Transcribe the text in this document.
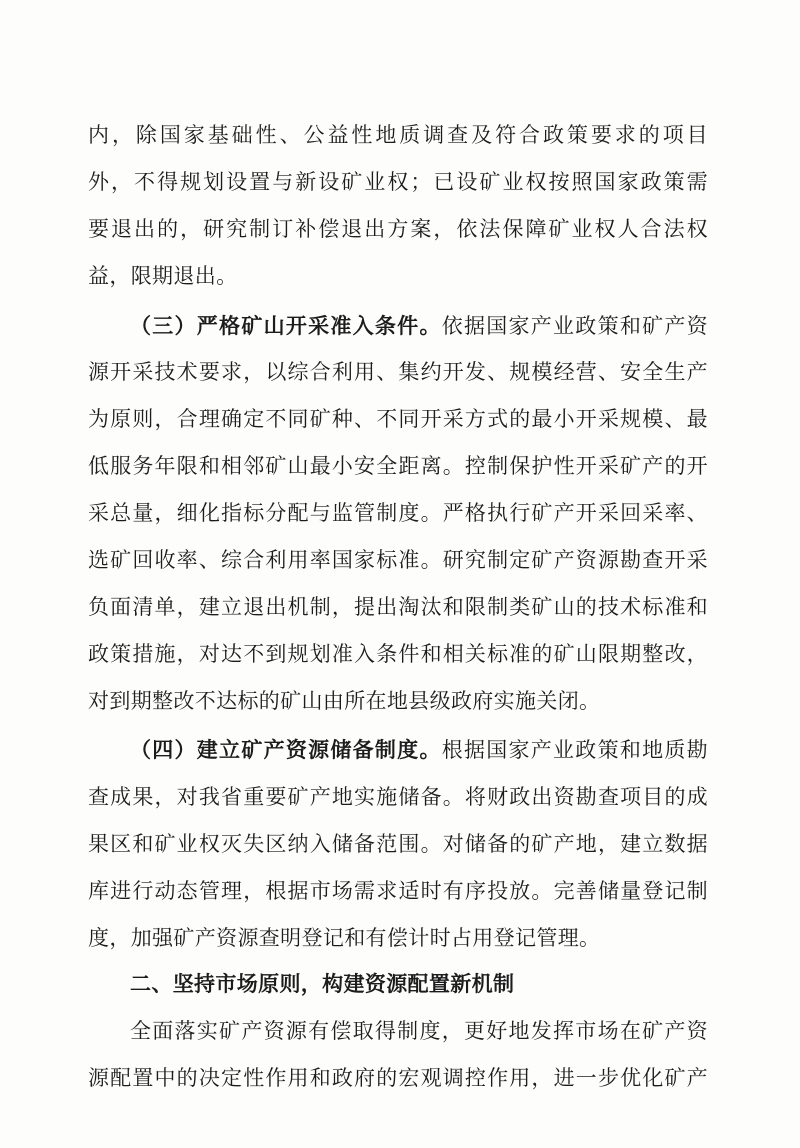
内，除国家基础性、公益性地质调查及符合政策要求的项目
外，不得规划设置与新设矿业权；已设矿业权按照国家政策需
要退出的，研究制订补偿退出方案，依法保障矿业权人合法权
益，限期退出。
（三）严格矿山开采准入条件。依据国家产业政策和矿产资
源开采技术要求，以综合利用、集约开发、规模经营、安全生产
为原则，合理确定不同矿种、不同开采方式的最小开采规模、最
低服务年限和相邻矿山最小安全距离。控制保护性开采矿产的开
采总量，细化指标分配与监管制度。严格执行矿产开采回采率、
选矿回收率、综合利用率国家标准。研究制定矿产资源勘查开采
负面清单，建立退出机制，提出淘汰和限制类矿山的技术标准和
政策措施，对达不到规划准入条件和相关标准的矿山限期整改，
对到期整改不达标的矿山由所在地县级政府实施关闭。
（四）建立矿产资源储备制度。根据国家产业政策和地质勘
查成果，对我省重要矿产地实施储备。将财政出资勘查项目的成
果区和矿业权灭失区纳入储备范围。对储备的矿产地，建立数据
库进行动态管理，根据市场需求适时有序投放。完善储量登记制
度，加强矿产资源查明登记和有偿计时占用登记管理。
二、坚持市场原则，构建资源配置新机制
全面落实矿产资源有偿取得制度，更好地发挥市场在矿产资
源配置中的决定性作用和政府的宏观调控作用，进一步优化矿产
